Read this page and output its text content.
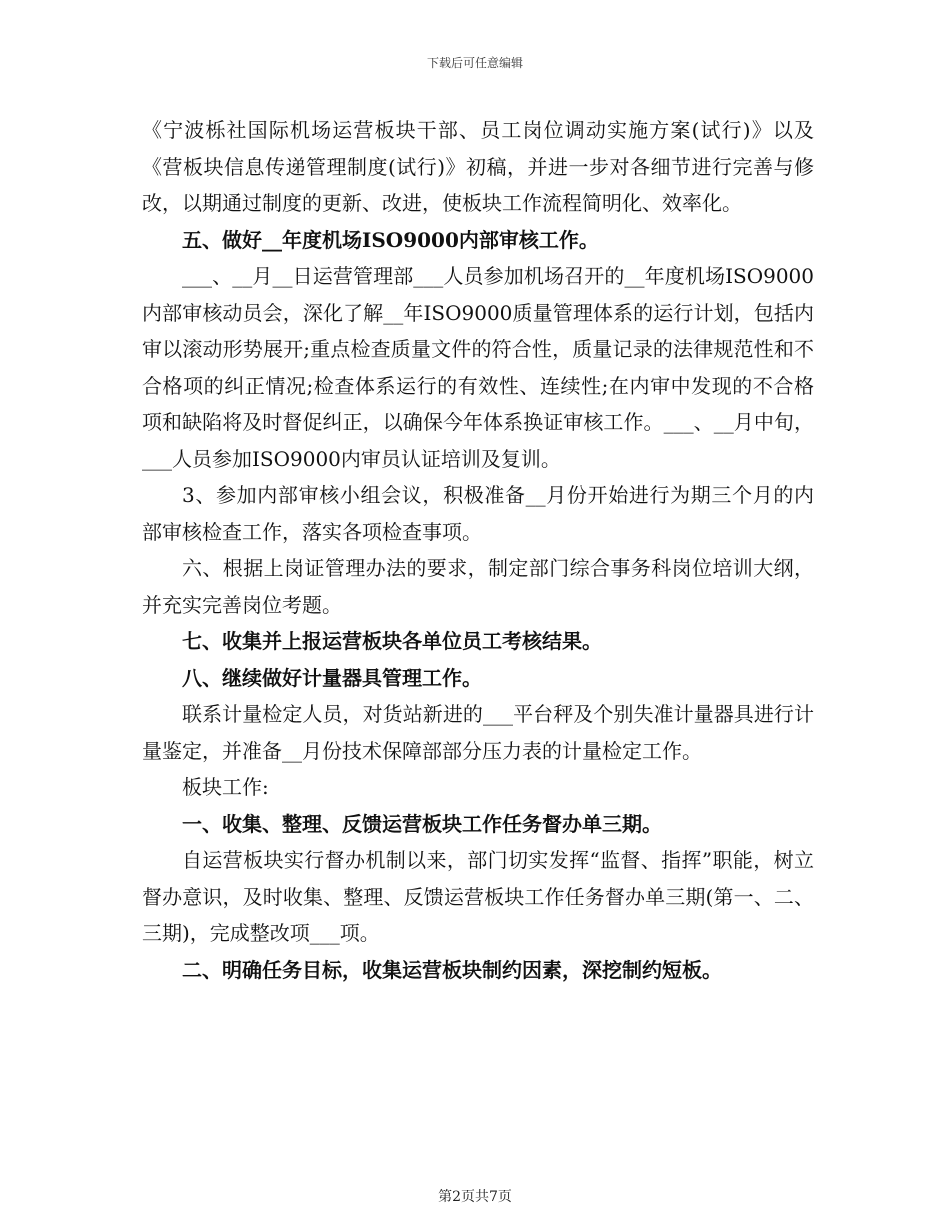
下载后可任意编辑

《宁波栎社国际机场运营板块干部、员工岗位调动实施方案(试行)》以及《营板块信息传递管理制度(试行)》初稿，并进一步对各细节进行完善与修改，以期通过制度的更新、改进，使板块工作流程简明化、效率化。

五、做好__年度机场ISO9000内部审核工作。

___、__月__日运营管理部___人员参加机场召开的__年度机场ISO9000内部审核动员会，深化了解__年ISO9000质量管理体系的运行计划，包括内审以滚动形势展开;重点检查质量文件的符合性，质量记录的法律规范性和不合格项的纠正情况;检查体系运行的有效性、连续性;在内审中发现的不合格项和缺陷将及时督促纠正，以确保今年体系换证审核工作。___、__月中旬，___人员参加ISO9000内审员认证培训及复训。

3、参加内部审核小组会议，积极准备__月份开始进行为期三个月的内部审核检查工作，落实各项检查事项。

六、根据上岗证管理办法的要求，制定部门综合事务科岗位培训大纲，并充实完善岗位考题。

七、收集并上报运营板块各单位员工考核结果。

八、继续做好计量器具管理工作。

联系计量检定人员，对货站新进的___平台秤及个别失准计量器具进行计量鉴定，并准备__月份技术保障部部分压力表的计量检定工作。

板块工作:

一、收集、整理、反馈运营板块工作任务督办单三期。

自运营板块实行督办机制以来，部门切实发挥“监督、指挥”职能，树立督办意识，及时收集、整理、反馈运营板块工作任务督办单三期(第一、二、三期)，完成整改项___项。

二、明确任务目标，收集运营板块制约因素，深挖制约短板。

第2页共7页
